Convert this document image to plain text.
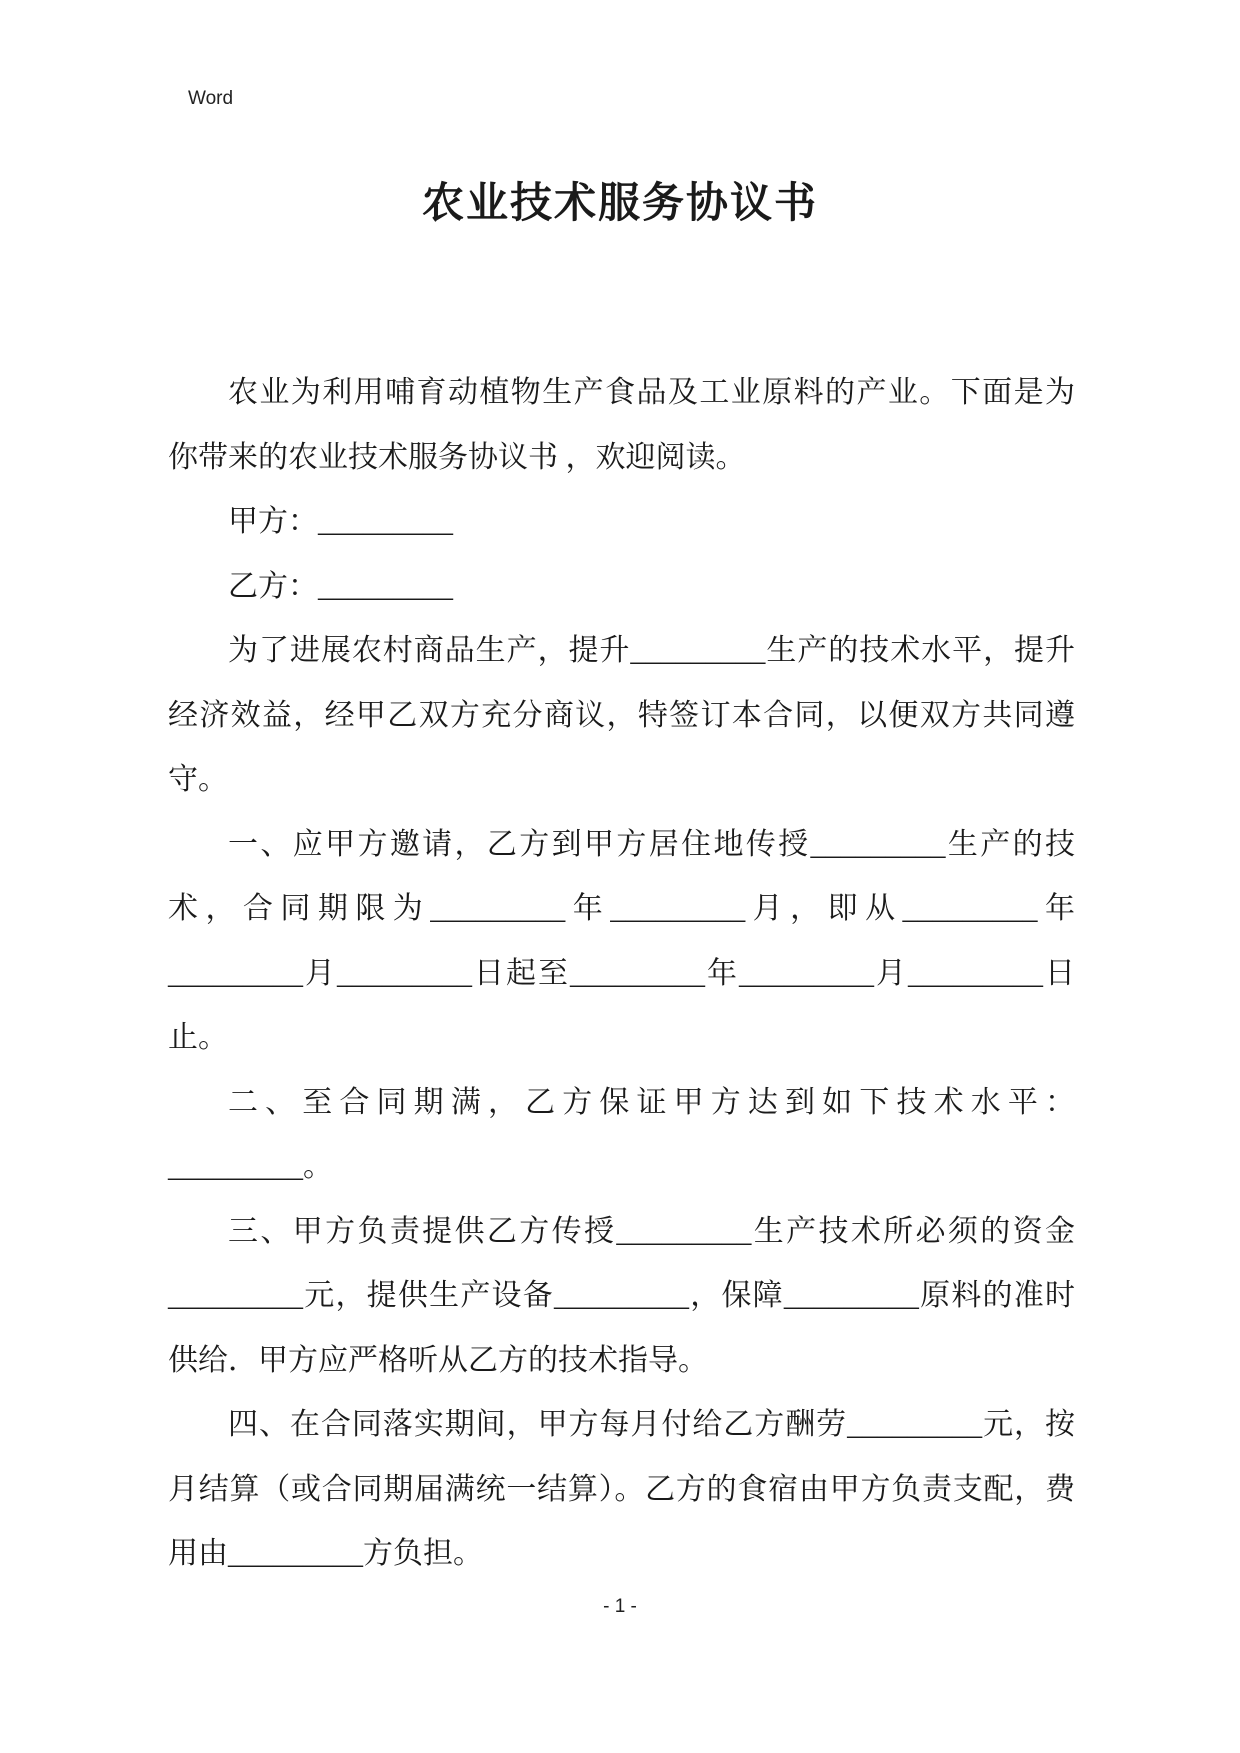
Word
农业技术服务协议书
农业为利用哺育动植物生产食品及工业原料的产业。下面是为
你带来的农业技术服务协议书 ，欢迎阅读。
甲方：_________
乙方：_________
为了进展农村商品生产，提升_________生产的技术水平，提升
经济效益，经甲乙双方充分商议，特签订本合同，以便双方共同遵
守。
一、应甲方邀请，乙方到甲方居住地传授_________生产的技
术，合同期限为_________年_________月，即从_________年
_________月_________日起至_________年_________月_________日
止。
二、至合同期满，乙方保证甲方达到如下技术水平：
_________。
三、甲方负责提供乙方传授_________生产技术所必须的资金
_________元，提供生产设备_________，保障_________原料的准时
供给．甲方应严格听从乙方的技术指导。
四、在合同落实期间，甲方每月付给乙方酬劳_________元，按
月结算（或合同期届满统一结算）。乙方的食宿由甲方负责支配，费
用由_________方负担。
- 1 -
